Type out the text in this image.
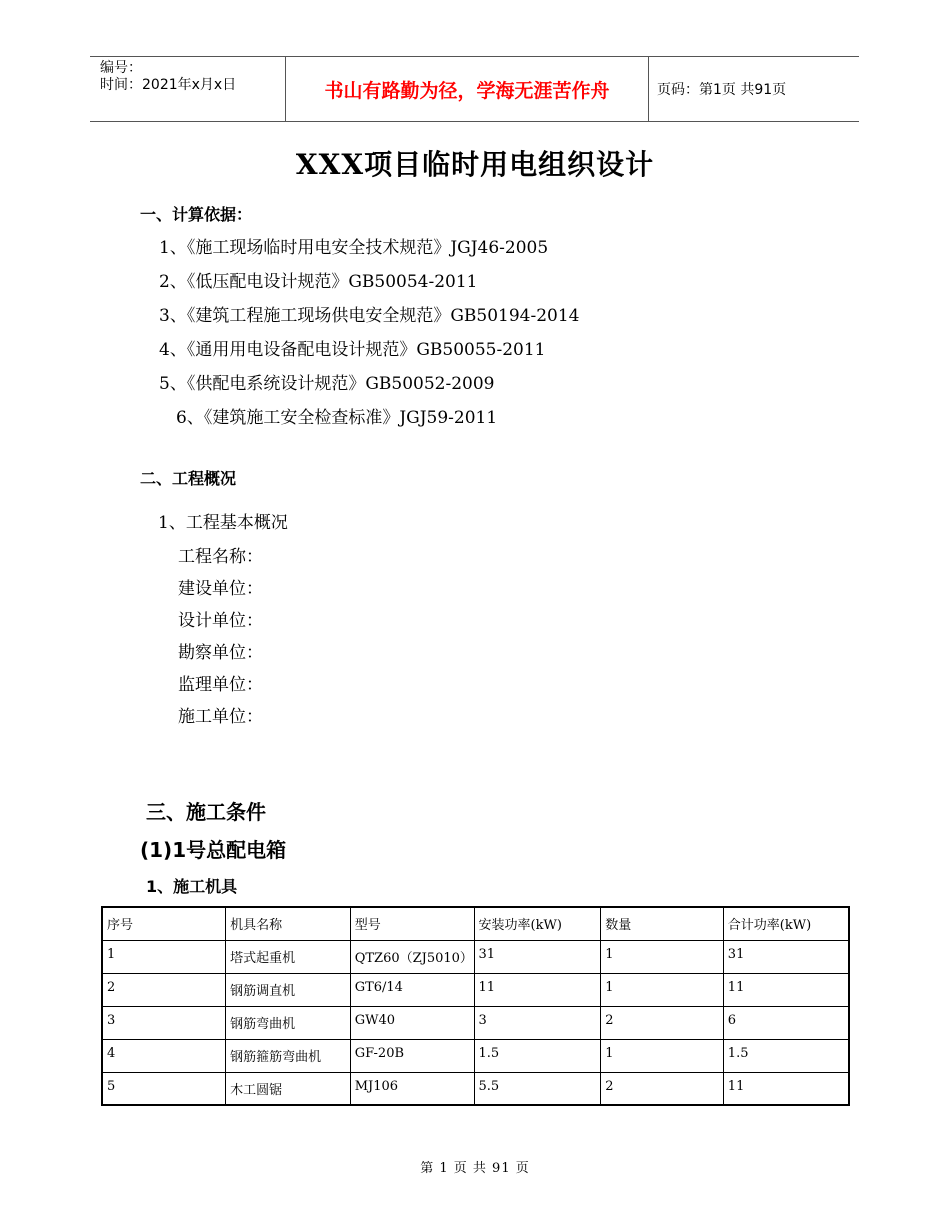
编号：
时间：2021年x月x日	书山有路勤为径，学海无涯苦作舟	页码：第1页 共91页
XXX项目临时用电组织设计
一、计算依据：
1、《施工现场临时用电安全技术规范》JGJ46-2005
2、《低压配电设计规范》GB50054-2011
3、《建筑工程施工现场供电安全规范》GB50194-2014
4、《通用用电设备配电设计规范》GB50055-2011
5、《供配电系统设计规范》GB50052-2009
6、《建筑施工安全检查标准》JGJ59-2011
二、工程概况
1、工程基本概况
工程名称：
建设单位：
设计单位：
勘察单位：
监理单位：
施工单位：
三、施工条件
(1)1号总配电箱
1、施工机具
序号	机具名称	型号	安装功率(kW)	数量	合计功率(kW)
1	塔式起重机	QTZ60（ZJ5010）	31	1	31
2	钢筋调直机	GT6/14	11	1	11
3	钢筋弯曲机	GW40	3	2	6
4	钢筋箍筋弯曲机	GF-20B	1.5	1	1.5
5	木工圆锯	MJ106	5.5	2	11
第 1 页 共 91 页
